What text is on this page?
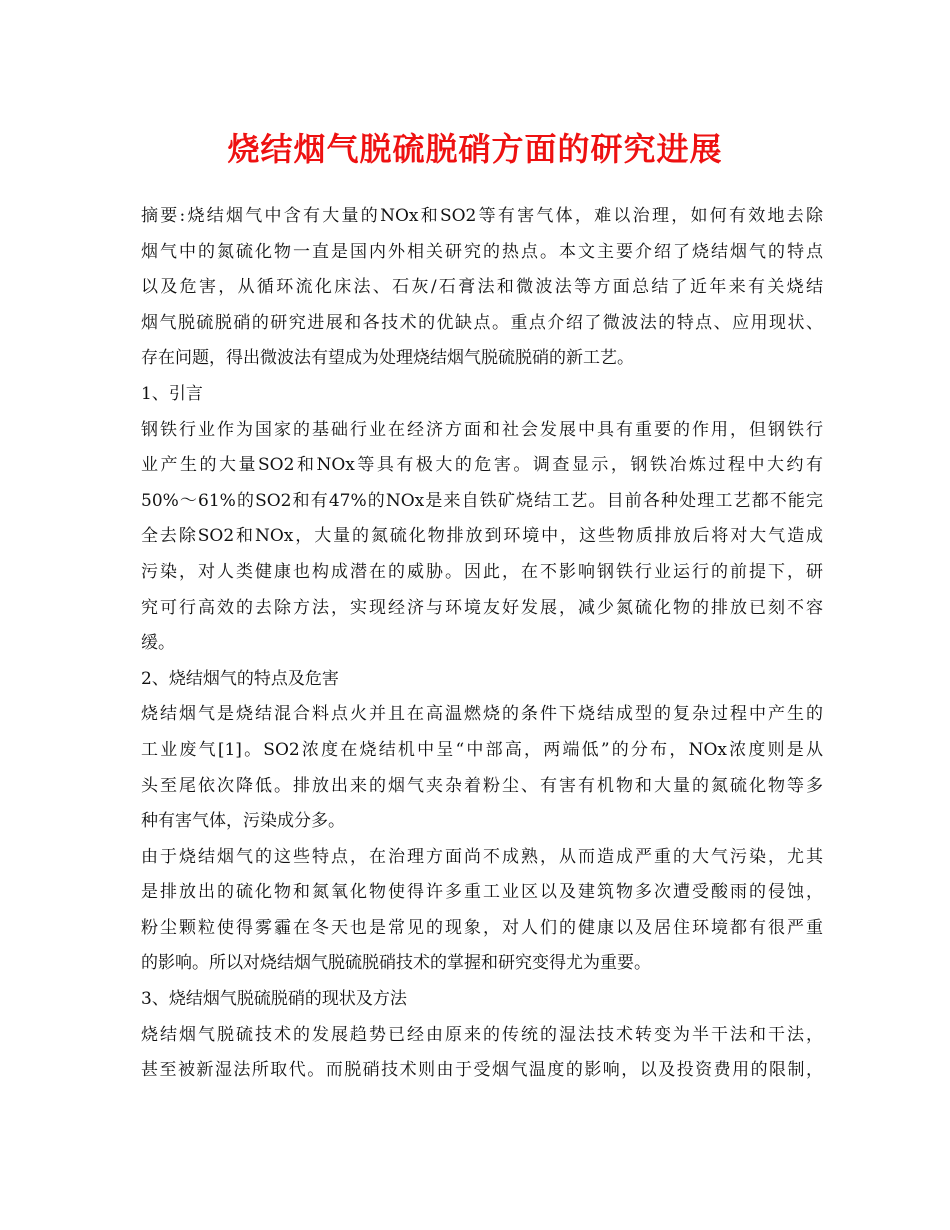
烧结烟气脱硫脱硝方面的研究进展
摘要:烧结烟气中含有大量的NOx和SO2等有害气体，难以治理，如何有效地去除
烟气中的氮硫化物一直是国内外相关研究的热点。本文主要介绍了烧结烟气的特点
以及危害，从循环流化床法、石灰/石膏法和微波法等方面总结了近年来有关烧结
烟气脱硫脱硝的研究进展和各技术的优缺点。重点介绍了微波法的特点、应用现状、
存在问题，得出微波法有望成为处理烧结烟气脱硫脱硝的新工艺。
1、引言
钢铁行业作为国家的基础行业在经济方面和社会发展中具有重要的作用，但钢铁行
业产生的大量SO2和NOx等具有极大的危害。调查显示，钢铁冶炼过程中大约有
50%～61%的SO2和有47%的NOx是来自铁矿烧结工艺。目前各种处理工艺都不能完
全去除SO2和NOx，大量的氮硫化物排放到环境中，这些物质排放后将对大气造成
污染，对人类健康也构成潜在的威胁。因此，在不影响钢铁行业运行的前提下，研
究可行高效的去除方法，实现经济与环境友好发展，减少氮硫化物的排放已刻不容
缓。
2、烧结烟气的特点及危害
烧结烟气是烧结混合料点火并且在高温燃烧的条件下烧结成型的复杂过程中产生的
工业废气[1]。SO2浓度在烧结机中呈“中部高，两端低”的分布，NOx浓度则是从
头至尾依次降低。排放出来的烟气夹杂着粉尘、有害有机物和大量的氮硫化物等多
种有害气体，污染成分多。
由于烧结烟气的这些特点，在治理方面尚不成熟，从而造成严重的大气污染，尤其
是排放出的硫化物和氮氧化物使得许多重工业区以及建筑物多次遭受酸雨的侵蚀，
粉尘颗粒使得雾霾在冬天也是常见的现象，对人们的健康以及居住环境都有很严重
的影响。所以对烧结烟气脱硫脱硝技术的掌握和研究变得尤为重要。
3、烧结烟气脱硫脱硝的现状及方法
烧结烟气脱硫技术的发展趋势已经由原来的传统的湿法技术转变为半干法和干法，
甚至被新湿法所取代。而脱硝技术则由于受烟气温度的影响，以及投资费用的限制，
